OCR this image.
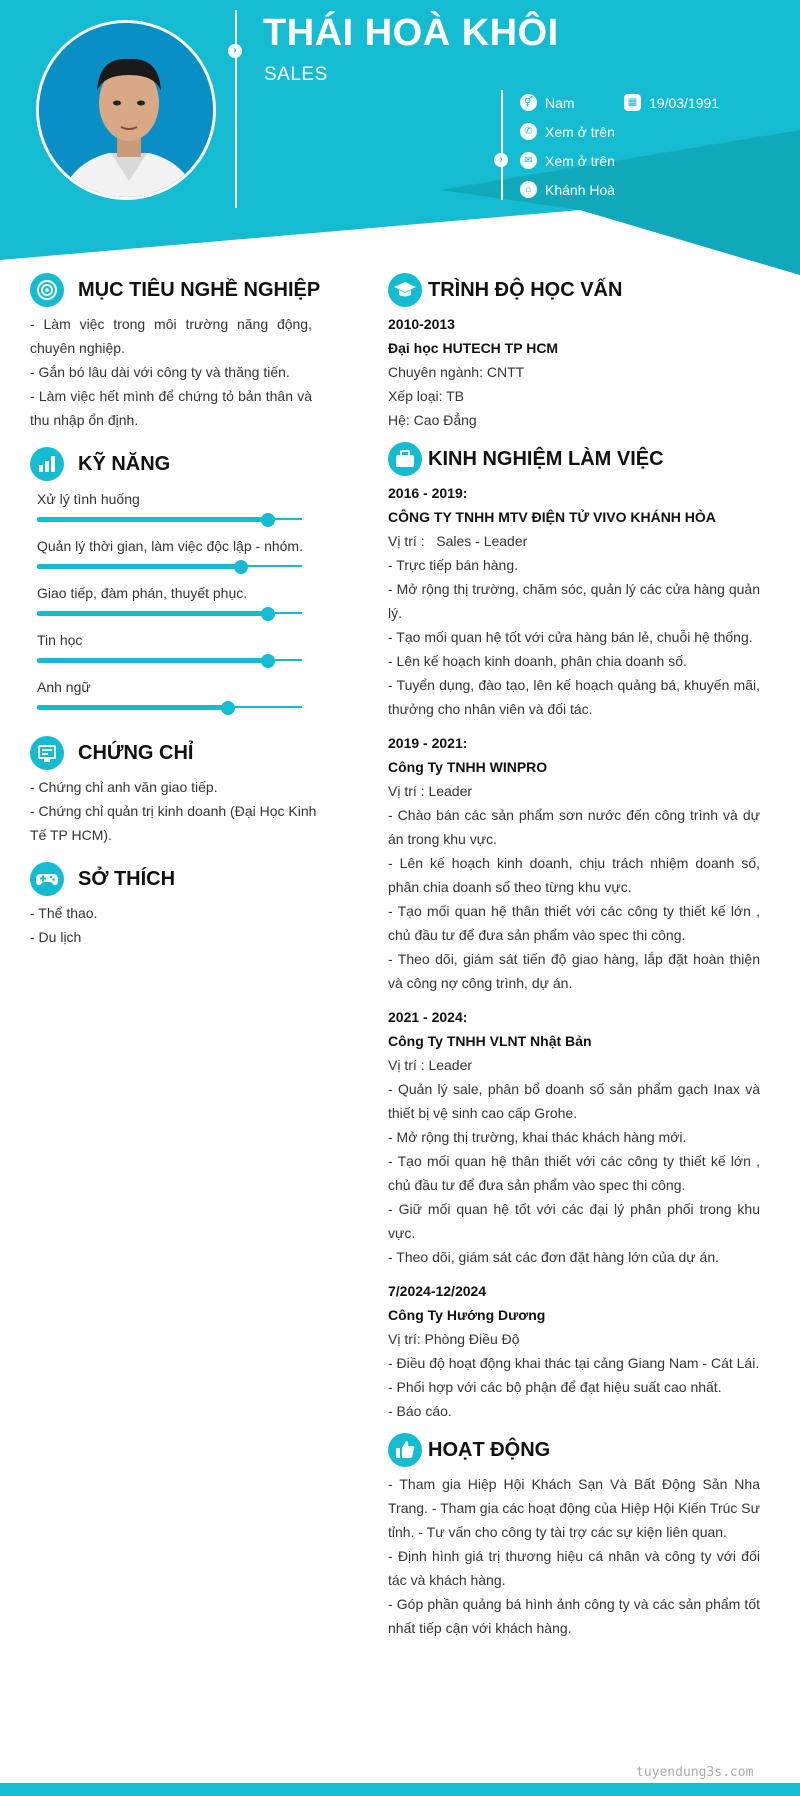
› THÁI HOÀ KHÔI
SALES
›
⚥ Nam	▦ 19/03/1991
✆ Xem ở trên
✉ Xem ở trên
⌂ Khánh Hoà
MỤC TIÊU NGHỀ NGHIỆP
- Làm việc trong môi trường năng động, chuyên nghiệp.
- Gắn bó lâu dài với công ty và thăng tiến.
- Làm việc hết mình để chứng tỏ bản thân và thu nhập ổn định.
KỸ NĂNG
Xử lý tình huống
Quản lý thời gian, làm việc độc lập - nhóm.
Giao tiếp, đàm phán, thuyết phục.
Tin học
Anh ngữ
CHỨNG CHỈ
- Chứng chỉ anh văn giao tiếp.
- Chứng chỉ quản trị kinh doanh (Đại Học Kinh Tế TP HCM).
SỞ THÍCH
- Thể thao.
- Du lịch
TRÌNH ĐỘ HỌC VẤN
2010-2013
Đại học HUTECH TP HCM
Chuyên ngành: CNTT
Xếp loại: TB
Hệ: Cao Đẳng
KINH NGHIỆM LÀM VIỆC
2016 - 2019:
CÔNG TY TNHH MTV ĐIỆN TỬ VIVO KHÁNH HÒA
Vị trí :   Sales - Leader
- Trực tiếp bán hàng.
- Mở rộng thị trường, chăm sóc, quản lý các cửa hàng quản lý.
- Tạo mối quan hệ tốt với cửa hàng bán lẻ, chuỗi hệ thống.
- Lên kế hoạch kinh doanh, phân chia doanh số.
- Tuyển dụng, đào tạo, lên kế hoạch quảng bá, khuyến mãi, thưởng cho nhân viên và đối tác.
2019 - 2021:
Công Ty TNHH WINPRO
Vị trí : Leader
- Chào bán các sản phẩm sơn nước đến công trình và dự án trong khu vực.
- Lên kế hoạch kinh doanh, chịu trách nhiệm doanh số, phân chia doanh số theo từng khu vực.
- Tạo mối quan hệ thân thiết với các công ty thiết kế lớn , chủ đầu tư để đưa sản phẩm vào spec thi công.
- Theo dõi, giám sát tiến độ giao hàng, lắp đặt hoàn thiện và công nợ công trình, dự án.
2021 - 2024:
Công Ty TNHH VLNT Nhật Bản
Vị trí : Leader
- Quản lý sale, phân bổ doanh số sản phẩm gạch Inax và thiết bị vệ sinh cao cấp Grohe.
- Mở rộng thị trường, khai thác khách hàng mới.
- Tạo mối quan hệ thân thiết với các công ty thiết kế lớn , chủ đầu tư để đưa sản phẩm vào spec thi công.
- Giữ mối quan hệ tốt với các đại lý phân phối trong khu vực.
- Theo dõi, giám sát các đơn đặt hàng lớn của dự án.
7/2024-12/2024
Công Ty Hướng Dương
Vị trí: Phòng Điều Độ
- Điều độ hoạt động khai thác tại cảng Giang Nam - Cát Lái.
- Phối hợp với các bộ phận để đạt hiệu suất cao nhất.
- Báo cáo.
HOẠT ĐỘNG
- Tham gia Hiệp Hội Khách Sạn Và Bất Động Sản Nha Trang. - Tham gia các hoạt động của Hiệp Hội Kiến Trúc Sư tỉnh. - Tư vấn cho công ty tài trợ các sự kiện liên quan.
- Định hình giá trị thương hiệu cá nhân và công ty với đối tác và khách hàng.
- Góp phần quảng bá hình ảnh công ty và các sản phẩm tốt nhất tiếp cận với khách hàng.
tuyendung3s.com
